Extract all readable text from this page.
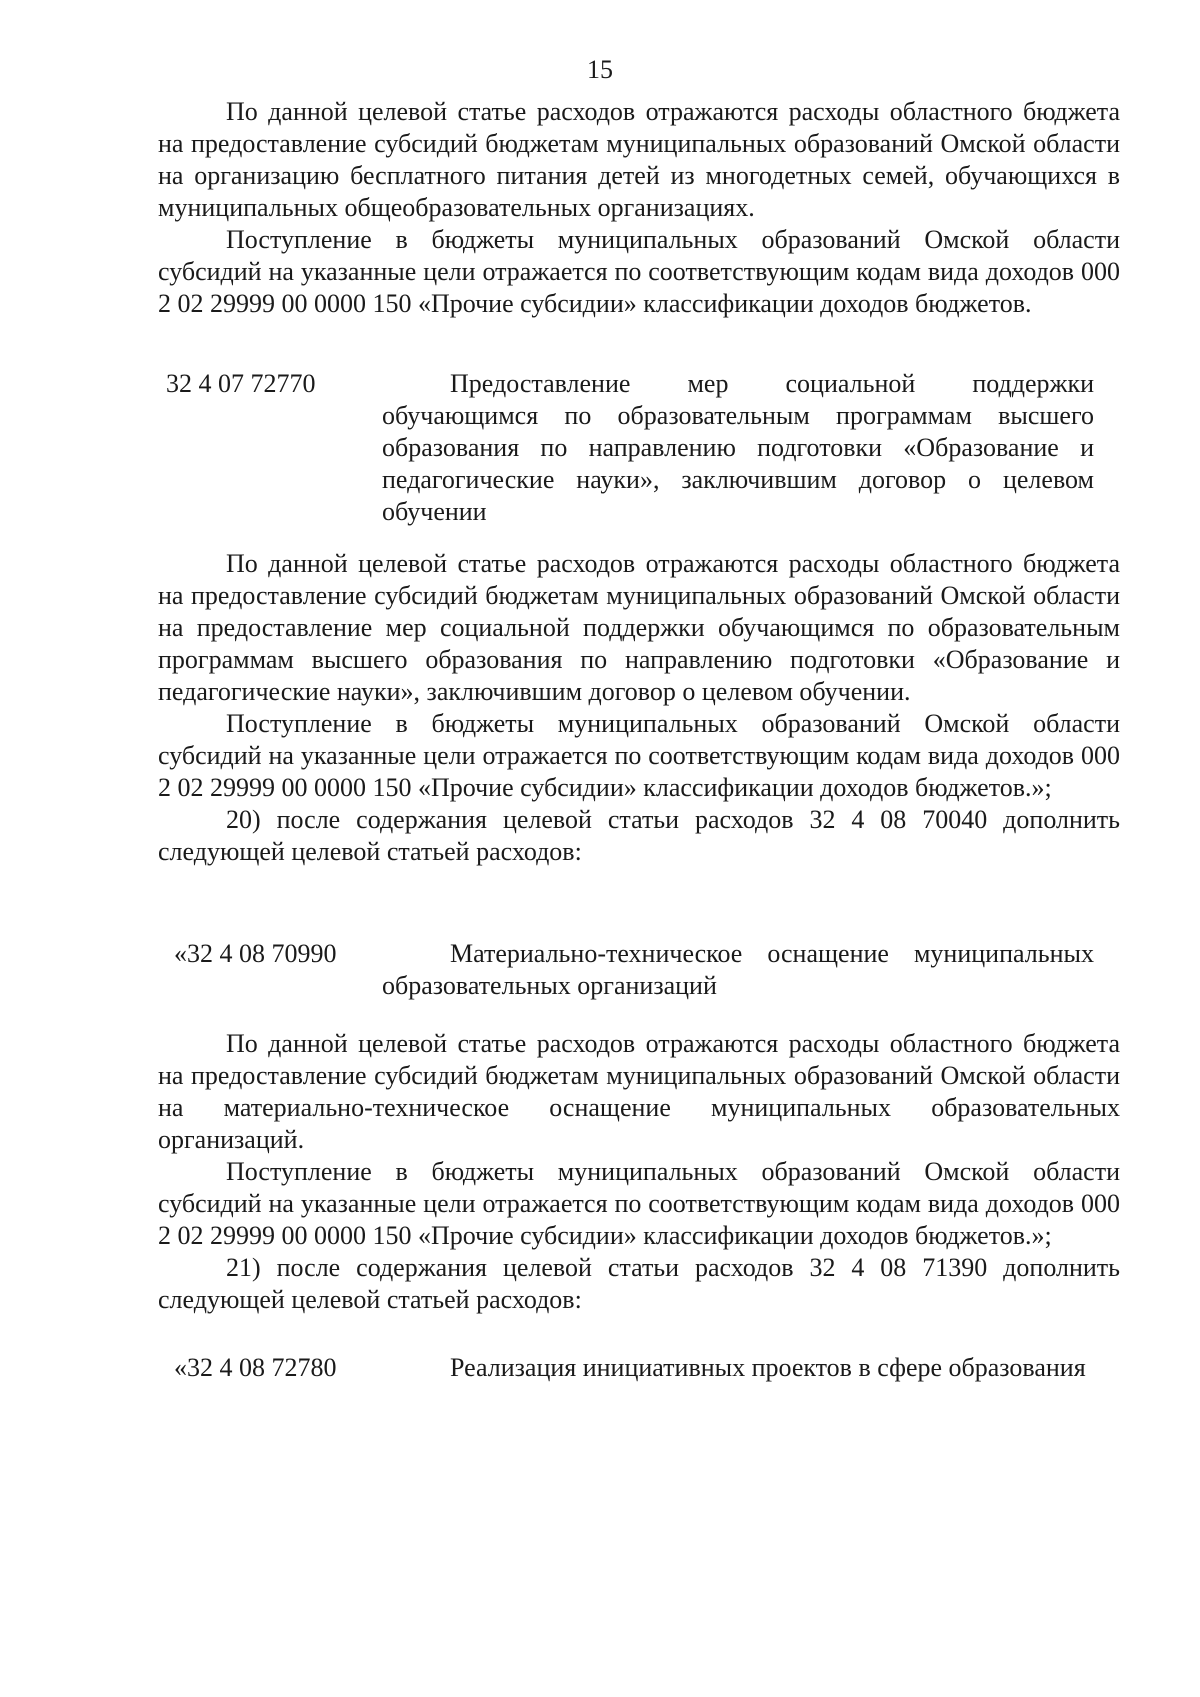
15

По данной целевой статье расходов отражаются расходы областного бюджета на предоставление субсидий бюджетам муниципальных образований Омской области на организацию бесплатного питания детей из многодетных семей, обучающихся в муниципальных общеобразовательных организациях.

Поступление в бюджеты муниципальных образований Омской области субсидий на указанные цели отражается по соответствующим кодам вида доходов 000 2 02 29999 00 0000 150 «Прочие субсидии» классификации доходов бюджетов.

32 4 07 72770	Предоставление мер социальной поддержки обучающимся по образовательным программам высшего образования по направлению подготовки «Образование и педагогические науки», заключившим договор о целевом обучении

По данной целевой статье расходов отражаются расходы областного бюджета на предоставление субсидий бюджетам муниципальных образований Омской области на предоставление мер социальной поддержки обучающимся по образовательным программам высшего образования по направлению подготовки «Образование и педагогические науки», заключившим договор о целевом обучении.

Поступление в бюджеты муниципальных образований Омской области субсидий на указанные цели отражается по соответствующим кодам вида доходов 000 2 02 29999 00 0000 150 «Прочие субсидии» классификации доходов бюджетов.»;

20) после содержания целевой статьи расходов 32 4 08 70040 дополнить следующей целевой статьей расходов:

«32 4 08 70990	Материально-техническое оснащение муниципальных образовательных организаций

По данной целевой статье расходов отражаются расходы областного бюджета на предоставление субсидий бюджетам муниципальных образований Омской области на материально-техническое оснащение муниципальных образовательных организаций.

Поступление в бюджеты муниципальных образований Омской области субсидий на указанные цели отражается по соответствующим кодам вида доходов 000 2 02 29999 00 0000 150 «Прочие субсидии» классификации доходов бюджетов.»;

21) после содержания целевой статьи расходов 32 4 08 71390 дополнить следующей целевой статьей расходов:

«32 4 08 72780	Реализация инициативных проектов в сфере образования
